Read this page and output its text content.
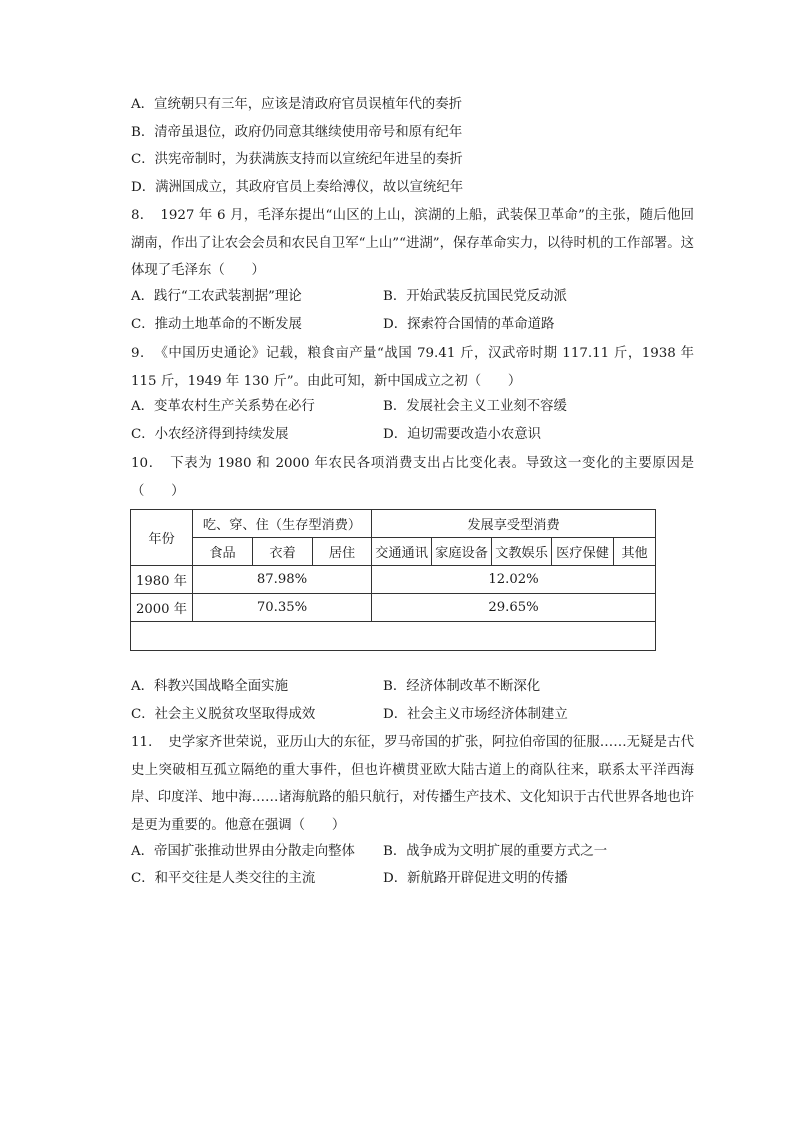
A．宣统朝只有三年，应该是清政府官员误植年代的奏折
B．清帝虽退位，政府仍同意其继续使用帝号和原有纪年
C．洪宪帝制时，为获满族支持而以宣统纪年进呈的奏折
D．满洲国成立，其政府官员上奏给溥仪，故以宣统纪年
8．　1927 年 6 月，毛泽东提出“山区的上山，滨湖的上船，武装保卫革命”的主张，随后他回湖南，作出了让农会会员和农民自卫军“上山”“进湖”，保存革命实力，以待时机的工作部署。这体现了毛泽东（　　）
A．践行“工农武装割据”理论	B．开始武装反抗国民党反动派
C．推动土地革命的不断发展	D．探索符合国情的革命道路
9．　《中国历史通论》记载，粮食亩产量“战国 79.41 斤，汉武帝时期 117.11 斤，1938 年 115 斤，1949 年 130 斤”。由此可知，新中国成立之初（　　）
A．变革农村生产关系势在必行	B．发展社会主义工业刻不容缓
C．小农经济得到持续发展	D．迫切需要改造小农意识
10．　下表为 1980 和 2000 年农民各项消费支出占比变化表。导致这一变化的主要原因是（　　）
年份	吃、穿、住（生存型消费）			发展享受型消费				
	食品	衣着	居住	交通通讯	家庭设备	文教娱乐	医疗保健	其他
1980 年	87.98%			12.02%				
2000 年	70.35%			29.65%				

A．科教兴国战略全面实施	B．经济体制改革不断深化
C．社会主义脱贫攻坚取得成效	D．社会主义市场经济体制建立
11．　史学家齐世荣说，亚历山大的东征，罗马帝国的扩张，阿拉伯帝国的征服……无疑是古代史上突破相互孤立隔绝的重大事件，但也许横贯亚欧大陆古道上的商队往来，联系太平洋西海岸、印度洋、地中海……诸海航路的船只航行，对传播生产技术、文化知识于古代世界各地也许是更为重要的。他意在强调（　　）
A．帝国扩张推动世界由分散走向整体 B．战争成为文明扩展的重要方式之一
C．和平交往是人类交往的主流	D．新航路开辟促进文明的传播
